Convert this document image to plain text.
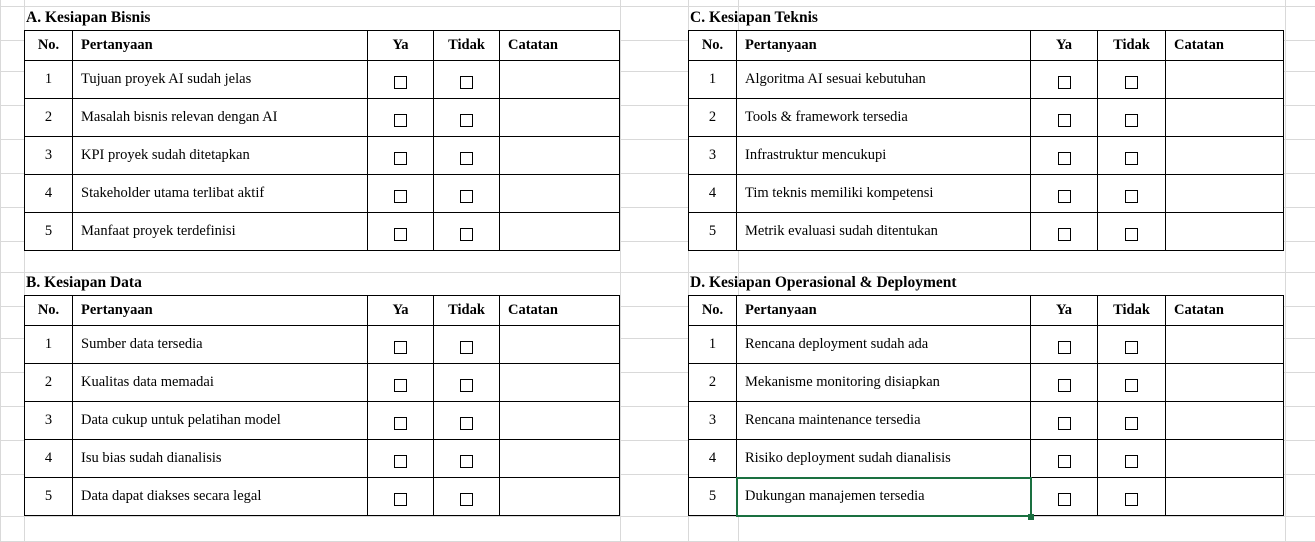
A. Kesiapan Bisnis
No.	Pertanyaan	Ya	Tidak	Catatan
1	Tujuan proyek AI sudah jelas			
2	Masalah bisnis relevan dengan AI			
3	KPI proyek sudah ditetapkan			
4	Stakeholder utama terlibat aktif			
5	Manfaat proyek terdefinisi			
B. Kesiapan Data
No.	Pertanyaan	Ya	Tidak	Catatan
1	Sumber data tersedia			
2	Kualitas data memadai			
3	Data cukup untuk pelatihan model			
4	Isu bias sudah dianalisis			
5	Data dapat diakses secara legal			
C. Kesiapan Teknis
No.	Pertanyaan	Ya	Tidak	Catatan
1	Algoritma AI sesuai kebutuhan			
2	Tools & framework tersedia			
3	Infrastruktur mencukupi			
4	Tim teknis memiliki kompetensi			
5	Metrik evaluasi sudah ditentukan			
D. Kesiapan Operasional & Deployment
No.	Pertanyaan	Ya	Tidak	Catatan
1	Rencana deployment sudah ada			
2	Mekanisme monitoring disiapkan			
3	Rencana maintenance tersedia			
4	Risiko deployment sudah dianalisis			
5	Dukungan manajemen tersedia			
